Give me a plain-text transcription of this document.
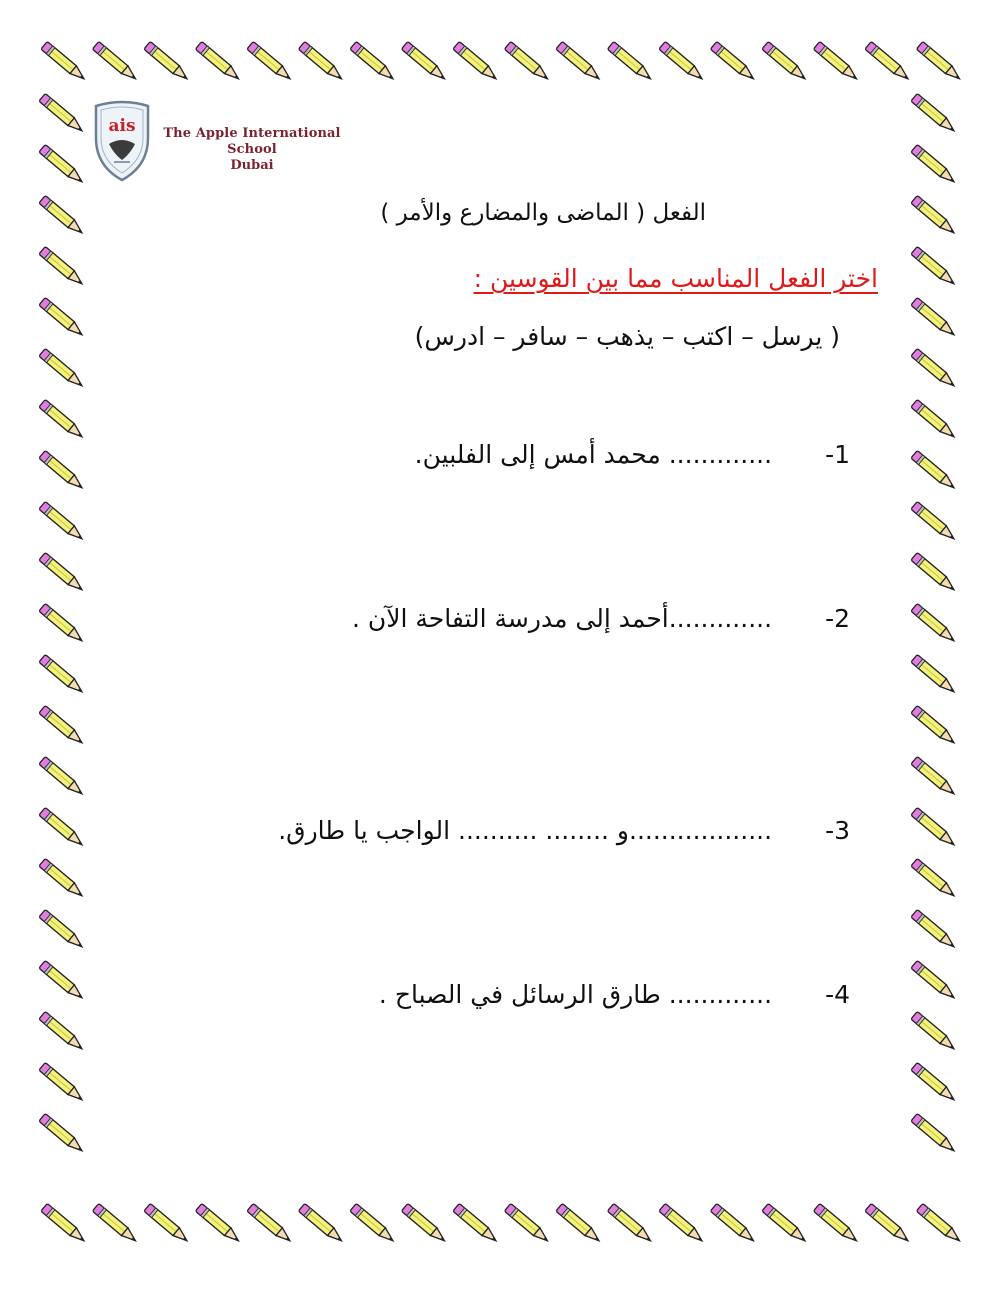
ais	The Apple International School
Dubai
الفعل ( الماضى والمضارع والأمر )
اختر الفعل المناسب مما بين القوسين :
( يرسل – اكتب – يذهب – سافر – ادرس)
1- ............. محمد أمس إلى الفلبين.
2- .............أحمد إلى مدرسة التفاحة الآن .
3- ..................و ........ .......... الواجب يا طارق.
4- ............. طارق الرسائل في الصباح .
